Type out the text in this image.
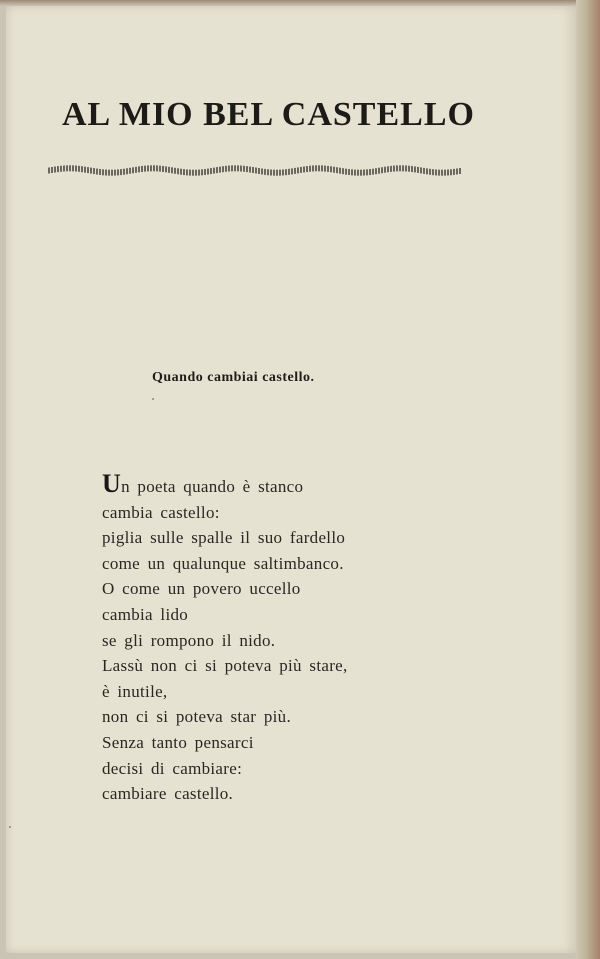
AL MIO BEL CASTELLO
Quando cambiai castello.
Un poeta quando è stanco
cambia castello:
piglia sulle spalle il suo fardello
come un qualunque saltimbanco.
O come un povero uccello
cambia lido
se gli rompono il nido.
Lassù non ci si poteva più stare,
è inutile,
non ci si poteva star più.
Senza tanto pensarci
decisi di cambiare:
cambiare castello.
